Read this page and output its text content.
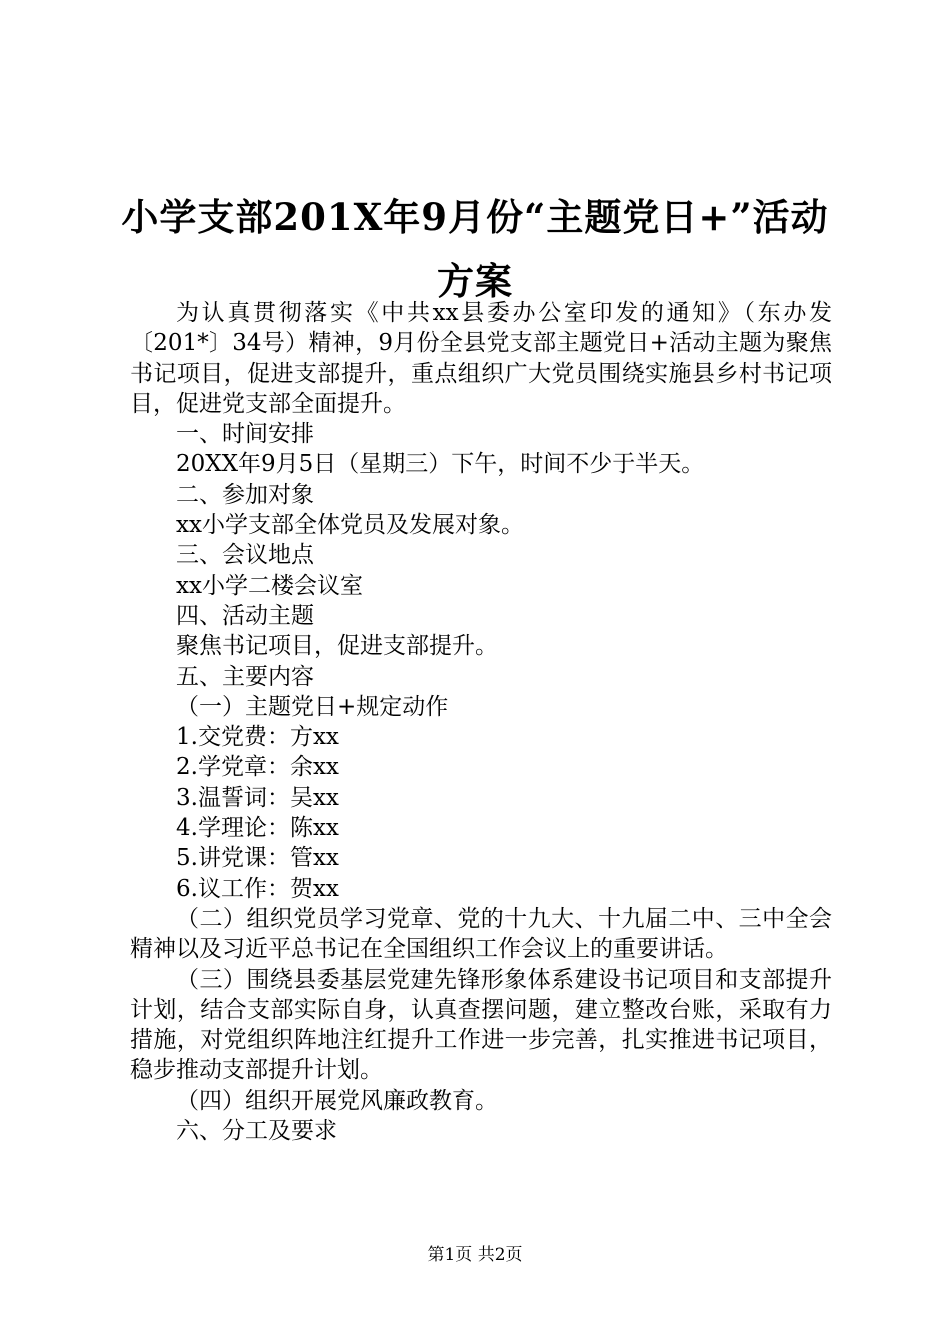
小学支部201X年9月份“主题党日+”活动方案

为认真贯彻落实《中共xx县委办公室印发的通知》（东办发〔201*〕34号）精神，9月份全县党支部主题党日+活动主题为聚焦书记项目，促进支部提升，重点组织广大党员围绕实施县乡村书记项目，促进党支部全面提升。

一、时间安排

20XX年9月5日（星期三）下午，时间不少于半天。

二、参加对象

xx小学支部全体党员及发展对象。

三、会议地点

xx小学二楼会议室

四、活动主题

聚焦书记项目，促进支部提升。

五、主要内容

（一）主题党日+规定动作

1.交党费：方xx

2.学党章：余xx

3.温誓词：吴xx

4.学理论：陈xx

5.讲党课：管xx

6.议工作：贺xx

（二）组织党员学习党章、党的十九大、十九届二中、三中全会精神以及习近平总书记在全国组织工作会议上的重要讲话。

（三）围绕县委基层党建先锋形象体系建设书记项目和支部提升计划，结合支部实际自身，认真查摆问题，建立整改台账，采取有力措施，对党组织阵地注红提升工作进一步完善，扎实推进书记项目，稳步推动支部提升计划。

（四）组织开展党风廉政教育。

六、分工及要求

第1页 共2页
